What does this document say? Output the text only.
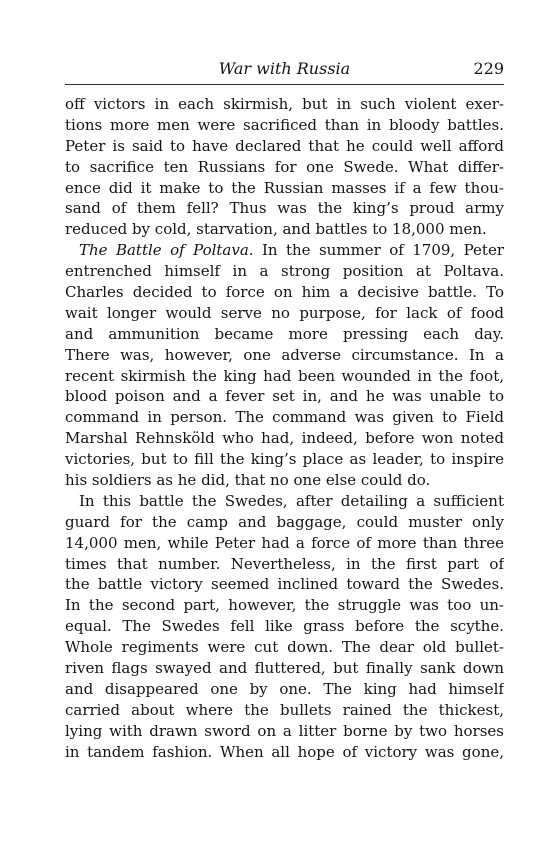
War with Russia	229
off victors in each skirmish, but in such violent exer-
tions more men were sacrificed than in bloody battles.
Peter is said to have declared that he could well afford
to sacrifice ten Russians for one Swede. What differ-
ence did it make to the Russian masses if a few thou-
sand of them fell? Thus was the king’s proud army
reduced by cold, starvation, and battles to 18,000 men.
The Battle of Poltava. In the summer of 1709, Peter
entrenched himself in a strong position at Poltava.
Charles decided to force on him a decisive battle. To
wait longer would serve no purpose, for lack of food
and ammunition became more pressing each day.
There was, however, one adverse circumstance. In a
recent skirmish the king had been wounded in the foot,
blood poison and a fever set in, and he was unable to
command in person. The command was given to Field
Marshal Rehnsköld who had, indeed, before won noted
victories, but to fill the king’s place as leader, to inspire
his soldiers as he did, that no one else could do.
In this battle the Swedes, after detailing a sufficient
guard for the camp and baggage, could muster only
14,000 men, while Peter had a force of more than three
times that number. Nevertheless, in the first part of
the battle victory seemed inclined toward the Swedes.
In the second part, however, the struggle was too un-
equal. The Swedes fell like grass before the scythe.
Whole regiments were cut down. The dear old bullet-
riven flags swayed and fluttered, but finally sank down
and disappeared one by one. The king had himself
carried about where the bullets rained the thickest,
lying with drawn sword on a litter borne by two horses
in tandem fashion. When all hope of victory was gone,
